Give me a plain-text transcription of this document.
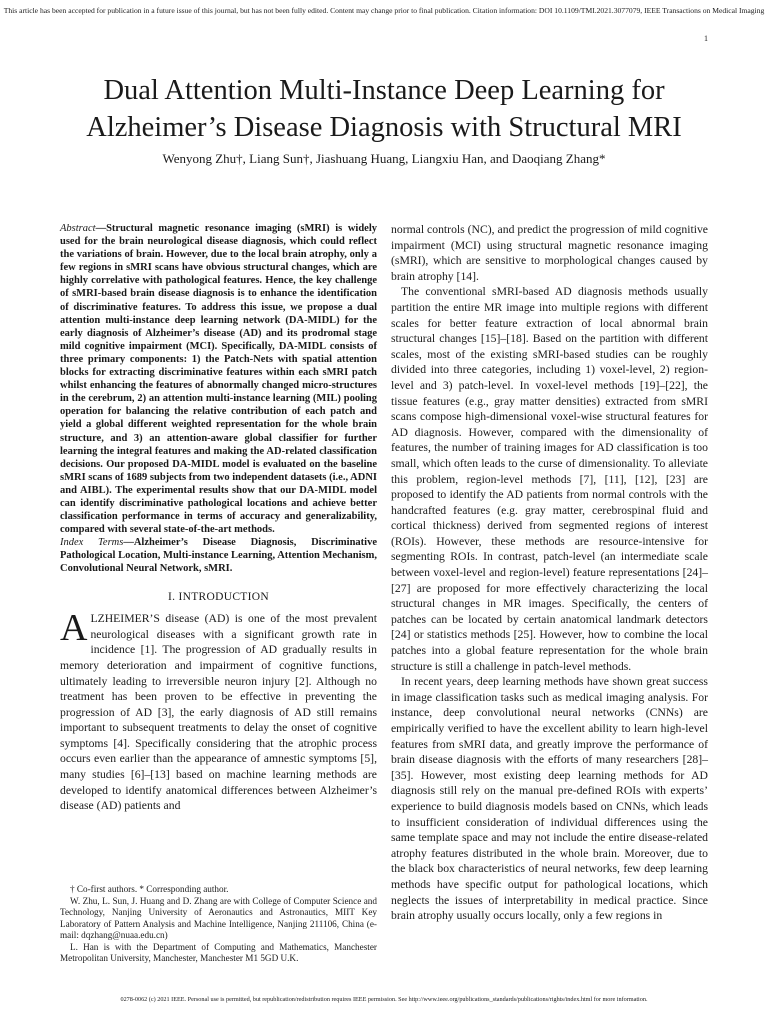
This article has been accepted for publication in a future issue of this journal, but has not been fully edited. Content may change prior to final publication. Citation information: DOI 10.1109/TMI.2021.3077079, IEEE Transactions on Medical Imaging
1
Dual Attention Multi-Instance Deep Learning for
Alzheimer’s Disease Diagnosis with Structural MRI
Wenyong Zhu†, Liang Sun†, Jiashuang Huang, Liangxiu Han, and Daoqiang Zhang*

Abstract—Structural magnetic resonance imaging (sMRI) is widely used for the brain neurological disease diagnosis, which could reflect the variations of brain. However, due to the local brain atrophy, only a few regions in sMRI scans have obvious structural changes, which are highly correlative with pathological features. Hence, the key challenge of sMRI-based brain disease diagnosis is to enhance the identification of discriminative features. To address this issue, we propose a dual attention multi-instance deep learning network (DA-MIDL) for the early diagnosis of Alzheimer’s disease (AD) and its prodromal stage mild cognitive impairment (MCI). Specifically, DA-MIDL consists of three primary components: 1) the Patch-Nets with spatial attention blocks for extracting discriminative features within each sMRI patch whilst enhancing the features of abnormally changed micro-structures in the cerebrum, 2) an attention multi-instance learning (MIL) pooling operation for balancing the relative contribution of each patch and yield a global different weighted representation for the whole brain structure, and 3) an attention-aware global classifier for further learning the integral features and making the AD-related classification decisions. Our proposed DA-MIDL model is evaluated on the baseline sMRI scans of 1689 subjects from two independent datasets (i.e., ADNI and AIBL). The experimental results show that our DA-MIDL model can identify discriminative pathological locations and achieve better classification performance in terms of accuracy and generalizability, compared with several state-of-the-art methods.

Index Terms—Alzheimer’s Disease Diagnosis, Discriminative Pathological Location, Multi-instance Learning, Attention Mechanism, Convolutional Neural Network, sMRI.

I. INTRODUCTION

ALZHEIMER’S disease (AD) is one of the most prevalent neurological diseases with a significant growth rate in incidence [1]. The progression of AD gradually results in memory deterioration and impairment of cognitive functions, ultimately leading to irreversible neuron injury [2]. Although no treatment has been proven to be effective in preventing the progression of AD [3], the early diagnosis of AD still remains important to subsequent treatments to delay the onset of cognitive symptoms [4]. Specifically considering that the atrophic process occurs even earlier than the appearance of amnestic symptoms [5], many studies [6]–[13] based on machine learning methods are developed to identify anatomical differences between Alzheimer’s disease (AD) patients and

† Co-first authors. * Corresponding author.

W. Zhu, L. Sun, J. Huang and D. Zhang are with College of Computer Science and Technology, Nanjing University of Aeronautics and Astronautics, MIIT Key Laboratory of Pattern Analysis and Machine Intelligence, Nanjing 211106, China (e-mail: dqzhang@nuaa.edu.cn)

L. Han is with the Department of Computing and Mathematics, Manchester Metropolitan University, Manchester, Manchester M1 5GD U.K.

normal controls (NC), and predict the progression of mild cognitive impairment (MCI) using structural magnetic resonance imaging (sMRI), which are sensitive to morphological changes caused by brain atrophy [14].

The conventional sMRI-based AD diagnosis methods usually partition the entire MR image into multiple regions with different scales for better feature extraction of local abnormal brain structural changes [15]–[18]. Based on the partition with different scales, most of the existing sMRI-based studies can be roughly divided into three categories, including 1) voxel-level, 2) region-level and 3) patch-level. In voxel-level methods [19]–[22], the tissue features (e.g., gray matter densities) extracted from sMRI scans compose high-dimensional voxel-wise structural features for AD diagnosis. However, compared with the dimensionality of features, the number of training images for AD classification is too small, which often leads to the curse of dimensionality. To alleviate this problem, region-level methods [7], [11], [12], [23] are proposed to identify the AD patients from normal controls with the handcrafted features (e.g. gray matter, cerebrospinal fluid and cortical thickness) derived from segmented regions of interest (ROIs). However, these methods are resource-intensive for segmenting ROIs. In contrast, patch-level (an intermediate scale between voxel-level and region-level) feature representations [24]–[27] are proposed for more effectively characterizing the local structural changes in MR images. Specifically, the centers of patches can be located by certain anatomical landmark detectors [24] or statistics methods [25]. However, how to combine the local patches into a global feature representation for the whole brain structure is still a challenge in patch-level methods.

In recent years, deep learning methods have shown great success in image classification tasks such as medical imaging analysis. For instance, deep convolutional neural networks (CNNs) are empirically verified to have the excellent ability to learn high-level features from sMRI data, and greatly improve the performance of brain disease diagnosis with the efforts of many researchers [28]–[35]. However, most existing deep learning methods for AD diagnosis still rely on the manual pre-defined ROIs with experts’ experience to build diagnosis models based on CNNs, which leads to insufficient consideration of individual differences using the same template space and may not include the entire disease-related atrophy features distributed in the whole brain. Moreover, due to the black box characteristics of neural networks, few deep learning methods have specific output for pathological locations, which neglects the issues of interpretability in medical practice. Since brain atrophy usually occurs locally, only a few regions in

0278-0062 (c) 2021 IEEE. Personal use is permitted, but republication/redistribution requires IEEE permission. See http://www.ieee.org/publications_standards/publications/rights/index.html for more information.
